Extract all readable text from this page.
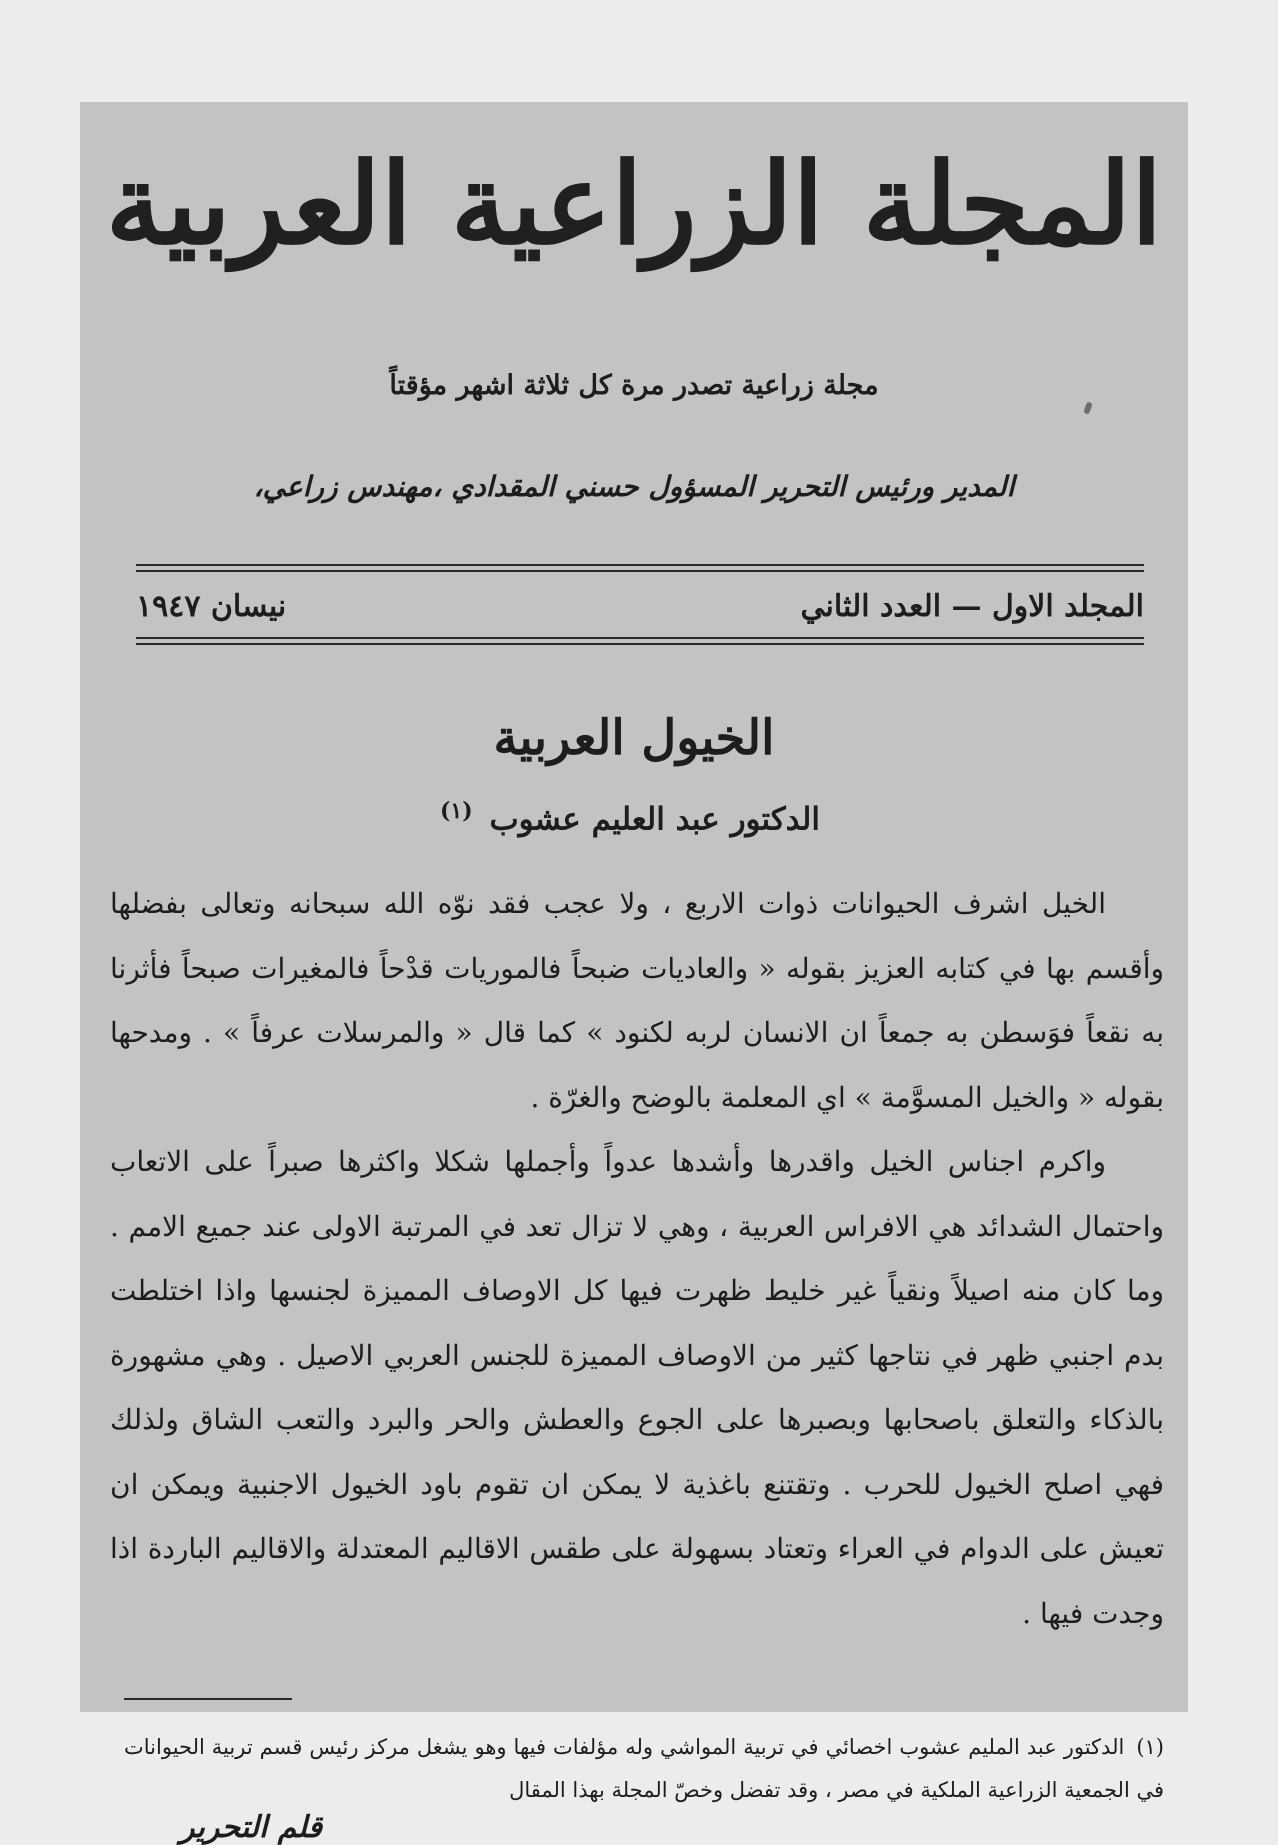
المجلة الزراعية العربية
مجلة زراعية تصدر مرة كل ثلاثة اشهر مؤقتاً
المدير ورئيس التحرير المسؤول حسني المقدادي ،مهندس زراعي،
المجلد الاول — العدد الثاني
نيسان ١٩٤٧
الخيول العربية
الدكتور عبد العليم عشوب $^{(١)}$

الخيل اشرف الحيوانات ذوات الاربع ، ولا عجب فقد نوّه الله سبحانه وتعالى بفضلها وأقسم بها في كتابه العزيز بقوله « والعاديات ضبحاً فالموريات قدْحاً فالمغيرات صبحاً فأثرنا به نقعاً فوَسطن به جمعاً ان الانسان لربه لكنود » كما قال « والمرسلات عرفاً » . ومدحها بقوله « والخيل المسوَّمة » اي المعلمة بالوضح والغرّة .

واكرم اجناس الخيل واقدرها وأشدها عدواً وأجملها شكلا واكثرها صبراً على الاتعاب واحتمال الشدائد هي الافراس العربية ، وهي لا تزال تعد في المرتبة الاولى عند جميع الامم . وما كان منه اصيلاً ونقياً غير خليط ظهرت فيها كل الاوصاف المميزة لجنسها واذا اختلطت بدم اجنبي ظهر في نتاجها كثير من الاوصاف المميزة للجنس العربي الاصيل . وهي مشهورة بالذكاء والتعلق باصحابها وبصبرها على الجوع والعطش والحر والبرد والتعب الشاق ولذلك فهي اصلح الخيول للحرب . وتقتنع باغذية لا يمكن ان تقوم باود الخيول الاجنبية ويمكن ان تعيش على الدوام في العراء وتعتاد بسهولة على طقس الاقاليم المعتدلة والاقاليم الباردة اذا وجدت فيها .

(١)الدكتور عبد المليم عشوب اخصائي في تربية المواشي وله مؤلفات فيها وهو يشغل مركز رئيس قسم تربية الحيوانات في الجمعية الزراعية الملكية في مصر ، وقد تفضل وخصّ المجلة بهذا المقال
قلم التحرير
